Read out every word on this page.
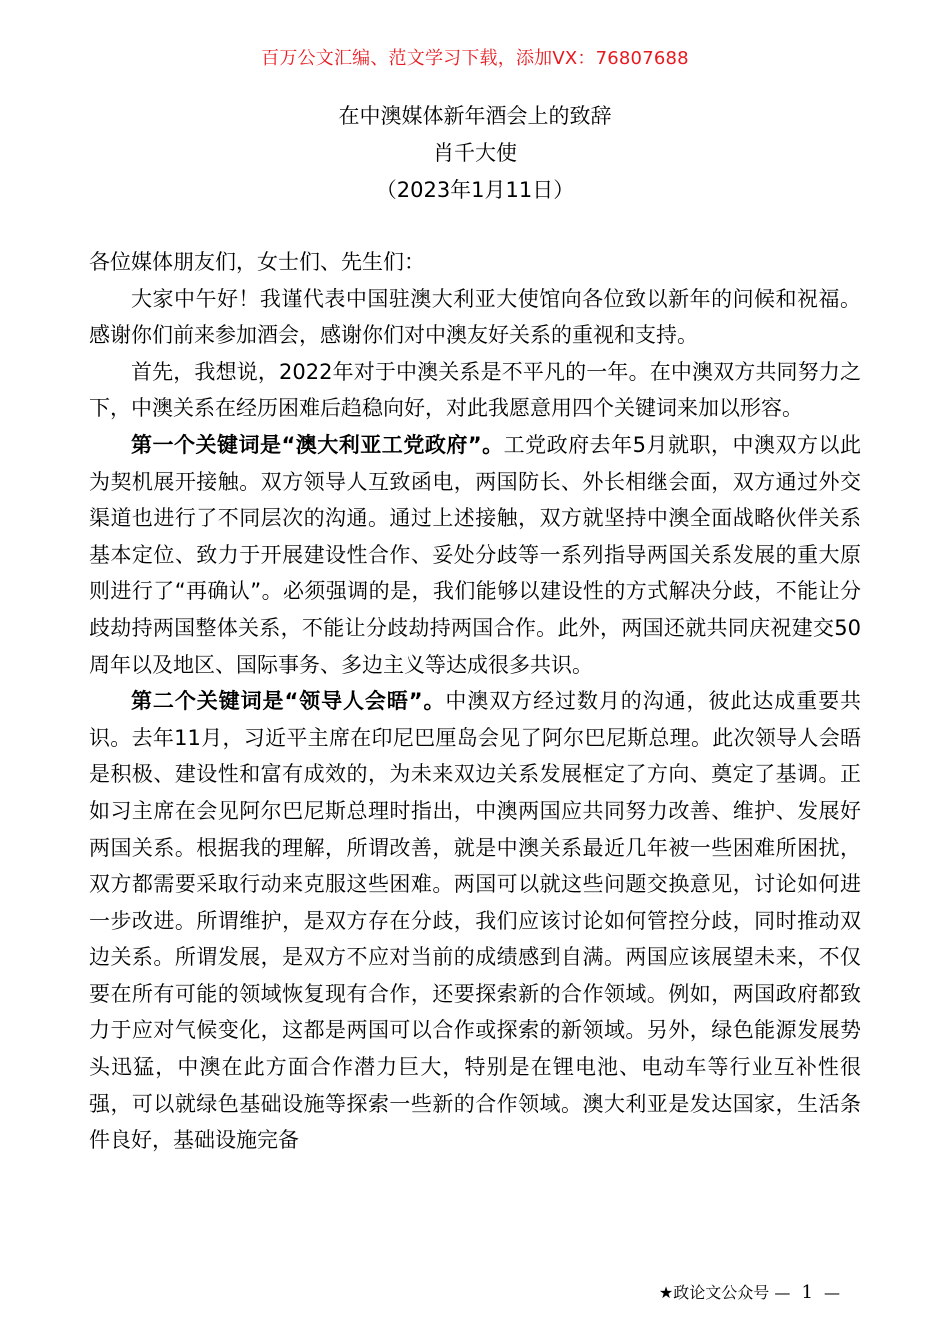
百万公文汇编、范文学习下载，添加VX：76807688
在中澳媒体新年酒会上的致辞
肖千大使
（2023年1月11日）

各位媒体朋友们，女士们、先生们：

大家中午好！我谨代表中国驻澳大利亚大使馆向各位致以新年的问候和祝福。感谢你们前来参加酒会，感谢你们对中澳友好关系的重视和支持。

首先，我想说，2022年对于中澳关系是不平凡的一年。在中澳双方共同努力之下，中澳关系在经历困难后趋稳向好，对此我愿意用四个关键词来加以形容。

第一个关键词是“澳大利亚工党政府”。工党政府去年5月就职，中澳双方以此为契机展开接触。双方领导人互致函电，两国防长、外长相继会面，双方通过外交渠道也进行了不同层次的沟通。通过上述接触，双方就坚持中澳全面战略伙伴关系基本定位、致力于开展建设性合作、妥处分歧等一系列指导两国关系发展的重大原则进行了“再确认”。必须强调的是，我们能够以建设性的方式解决分歧，不能让分歧劫持两国整体关系，不能让分歧劫持两国合作。此外，两国还就共同庆祝建交50周年以及地区、国际事务、多边主义等达成很多共识。

第二个关键词是“领导人会晤”。中澳双方经过数月的沟通，彼此达成重要共识。去年11月，习近平主席在印尼巴厘岛会见了阿尔巴尼斯总理。此次领导人会晤是积极、建设性和富有成效的，为未来双边关系发展框定了方向、奠定了基调。正如习主席在会见阿尔巴尼斯总理时指出，中澳两国应共同努力改善、维护、发展好两国关系。根据我的理解，所谓改善，就是中澳关系最近几年被一些困难所困扰，双方都需要采取行动来克服这些困难。两国可以就这些问题交换意见，讨论如何进一步改进。所谓维护，是双方存在分歧，我们应该讨论如何管控分歧，同时推动双边关系。所谓发展，是双方不应对当前的成绩感到自满。两国应该展望未来，不仅要在所有可能的领域恢复现有合作，还要探索新的合作领域。例如，两国政府都致力于应对气候变化，这都是两国可以合作或探索的新领域。另外，绿色能源发展势头迅猛，中澳在此方面合作潜力巨大，特别是在锂电池、电动车等行业互补性很强，可以就绿色基础设施等探索一些新的合作领域。澳大利亚是发达国家，生活条件良好，基础设施完备

★政论文公众号 — 1 —
